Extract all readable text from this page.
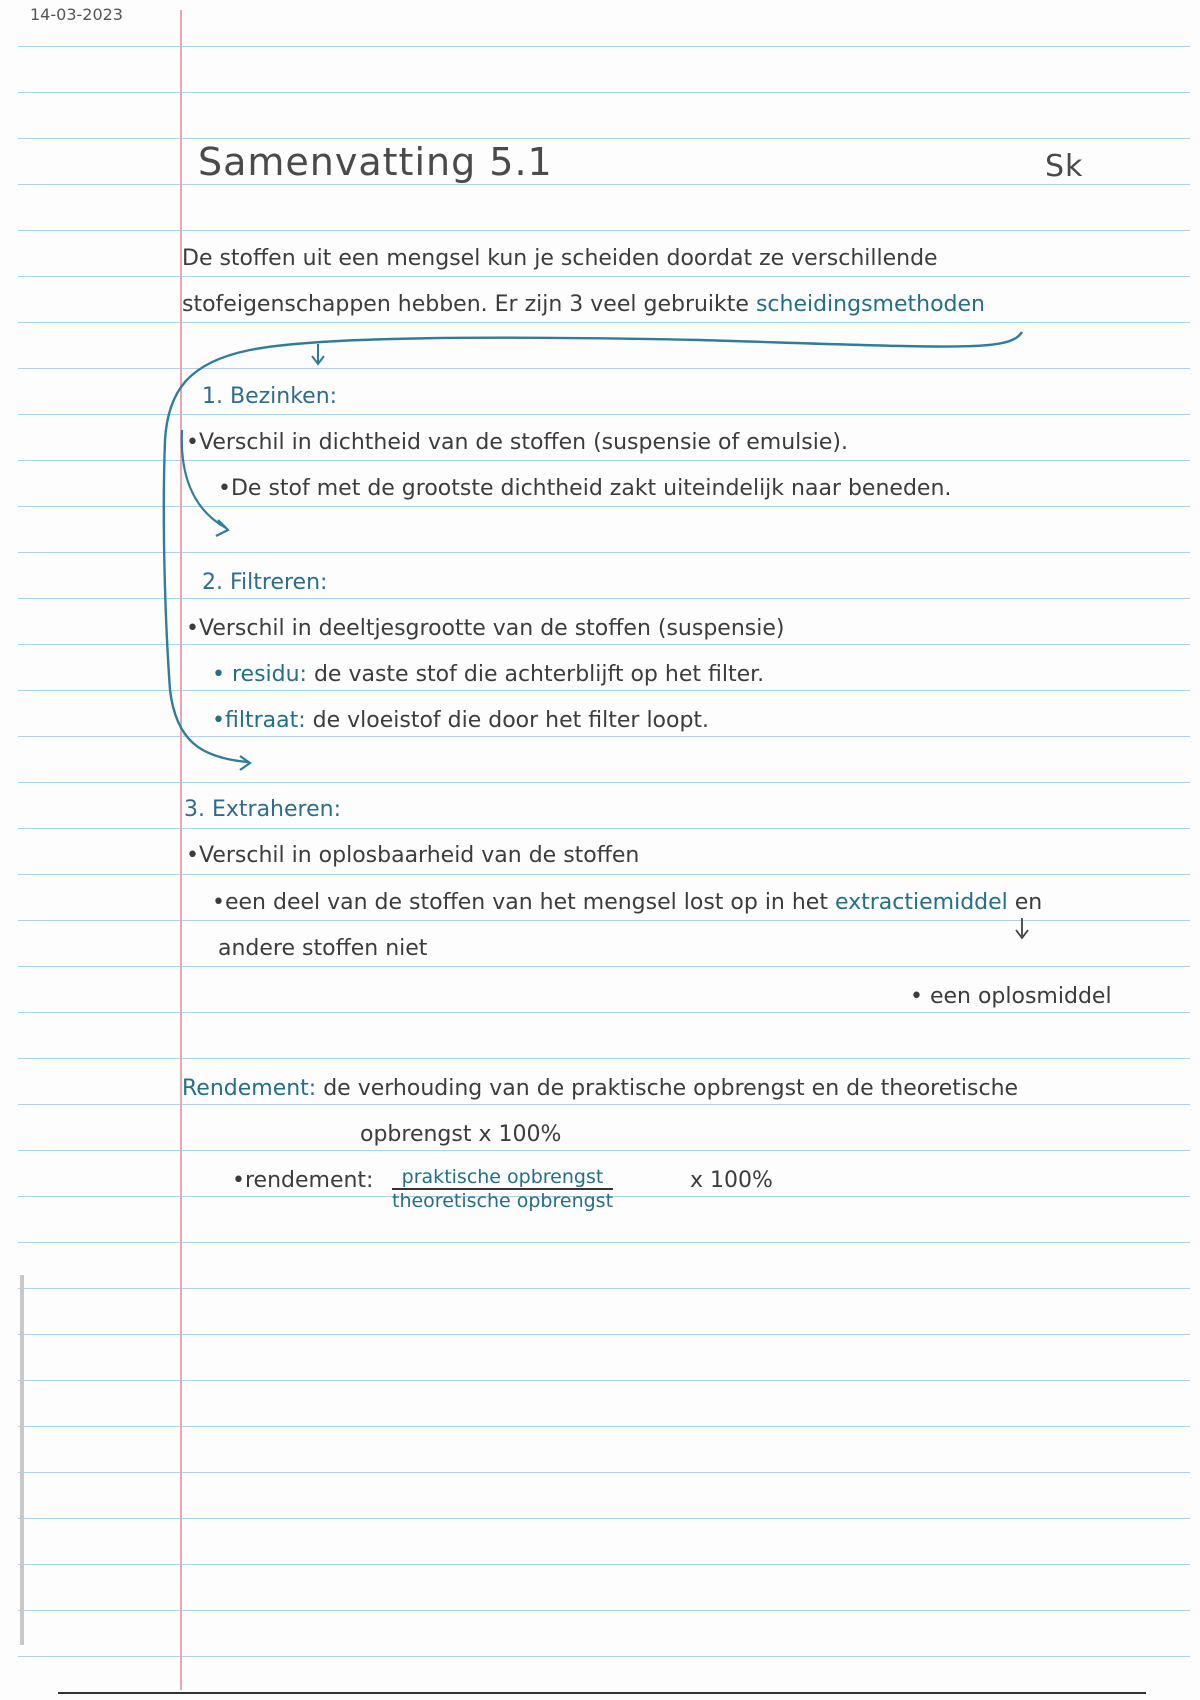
14-03-2023
Samenvatting 5.1	Sk
De stoffen uit een mengsel kun je scheiden doordat ze verschillende
stofeigenschappen hebben. Er zijn 3 veel gebruikte scheidingsmethoden
1. Bezinken:
•Verschil in dichtheid van de stoffen (suspensie of emulsie).
•De stof met de grootste dichtheid zakt uiteindelijk naar beneden.
2. Filtreren:
•Verschil in deeltjesgrootte van de stoffen (suspensie)
• residu: de vaste stof die achterblijft op het filter.
•filtraat: de vloeistof die door het filter loopt.
3. Extraheren:
•Verschil in oplosbaarheid van de stoffen
•een deel van de stoffen van het mengsel lost op in het extractiemiddel en
andere stoffen niet
• een oplosmiddel
Rendement: de verhouding van de praktische opbrengst en de theoretische
opbrengst x 100%
•rendement:	praktische opbrengst
theoretische opbrengst
x 100%
